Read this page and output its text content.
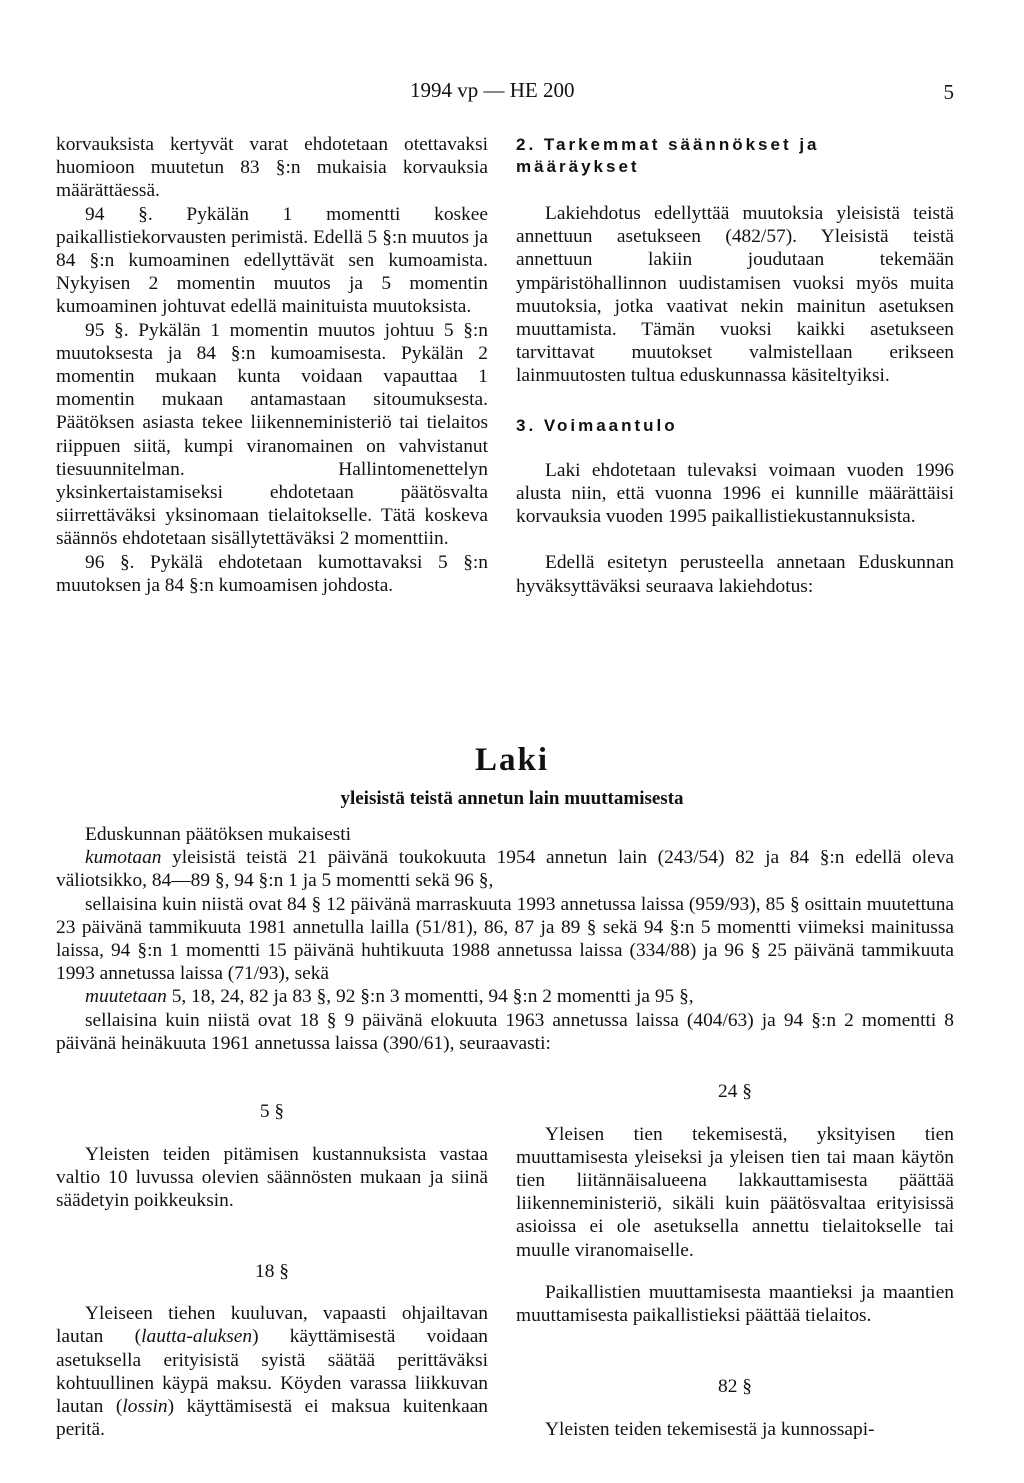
1994 vp — HE 200	5

korvauksista kertyvät varat ehdotetaan otettavaksi huomioon muutetun 83 §:n mukaisia korvauksia määrättäessä.

94 §. Pykälän 1 momentti koskee paikallistiekorvausten perimistä. Edellä 5 §:n muutos ja 84 §:n kumoaminen edellyttävät sen kumoamista. Nykyisen 2 momentin muutos ja 5 momentin kumoaminen johtuvat edellä mainituista muutoksista.

95 §. Pykälän 1 momentin muutos johtuu 5 §:n muutoksesta ja 84 §:n kumoamisesta. Pykälän 2 momentin mukaan kunta voidaan vapauttaa 1 momentin mukaan antamastaan sitoumuksesta. Päätöksen asiasta tekee liikenneministeriö tai tielaitos riippuen siitä, kumpi viranomainen on vahvistanut tiesuunnitelman. Hallintomenettelyn yksinkertaistamiseksi ehdotetaan päätösvalta siirrettäväksi yksinomaan tielaitokselle. Tätä koskeva säännös ehdotetaan sisällytettäväksi 2 momenttiin.

96 §. Pykälä ehdotetaan kumottavaksi 5 §:n muutoksen ja 84 §:n kumoamisen johdosta.

2. Tarkemmat säännökset ja määräykset

Lakiehdotus edellyttää muutoksia yleisistä teistä annettuun asetukseen (482/57). Yleisistä teistä annettuun lakiin joudutaan tekemään ympäristöhallinnon uudistamisen vuoksi myös muita muutoksia, jotka vaativat nekin mainitun asetuksen muuttamista. Tämän vuoksi kaikki asetukseen tarvittavat muutokset valmistellaan erikseen lainmuutosten tultua eduskunnassa käsiteltyiksi.

3. Voimaantulo

Laki ehdotetaan tulevaksi voimaan vuoden 1996 alusta niin, että vuonna 1996 ei kunnille määrättäisi korvauksia vuoden 1995 paikallistiekustannuksista.

Edellä esitetyn perusteella annetaan Eduskunnan hyväksyttäväksi seuraava lakiehdotus:

Laki
yleisistä teistä annetun lain muuttamisesta

Eduskunnan päätöksen mukaisesti

kumotaan yleisistä teistä 21 päivänä toukokuuta 1954 annetun lain (243/54) 82 ja 84 §:n edellä oleva väliotsikko, 84—89 §, 94 §:n 1 ja 5 momentti sekä 96 §,

sellaisina kuin niistä ovat 84 § 12 päivänä marraskuuta 1993 annetussa laissa (959/93), 85 § osittain muutettuna 23 päivänä tammikuuta 1981 annetulla lailla (51/81), 86, 87 ja 89 § sekä 94 §:n 5 momentti viimeksi mainitussa laissa, 94 §:n 1 momentti 15 päivänä huhtikuuta 1988 annetussa laissa (334/88) ja 96 § 25 päivänä tammikuuta 1993 annetussa laissa (71/93), sekä

muutetaan 5, 18, 24, 82 ja 83 §, 92 §:n 3 momentti, 94 §:n 2 momentti ja 95 §,

sellaisina kuin niistä ovat 18 § 9 päivänä elokuuta 1963 annetussa laissa (404/63) ja 94 §:n 2 momentti 8 päivänä heinäkuuta 1961 annetussa laissa (390/61), seuraavasti:

5 §

Yleisten teiden pitämisen kustannuksista vastaa valtio 10 luvussa olevien säännösten mukaan ja siinä säädetyin poikkeuksin.

18 §

Yleiseen tiehen kuuluvan, vapaasti ohjailtavan lautan (lautta-aluksen) käyttämisestä voidaan asetuksella erityisistä syistä säätää perittäväksi kohtuullinen käypä maksu. Köyden varassa liikkuvan lautan (lossin) käyttämisestä ei maksua kuitenkaan peritä.

24 §

Yleisen tien tekemisestä, yksityisen tien muuttamisesta yleiseksi ja yleisen tien tai maan käytön tien liitännäisalueena lakkauttamisesta päättää liikenneministeriö, sikäli kuin päätösvaltaa erityisissä asioissa ei ole asetuksella annettu tielaitokselle tai muulle viranomaiselle.

Paikallistien muuttamisesta maantieksi ja maantien muuttamisesta paikallistieksi päättää tielaitos.

82 §

Yleisten teiden tekemisestä ja kunnossapi-
